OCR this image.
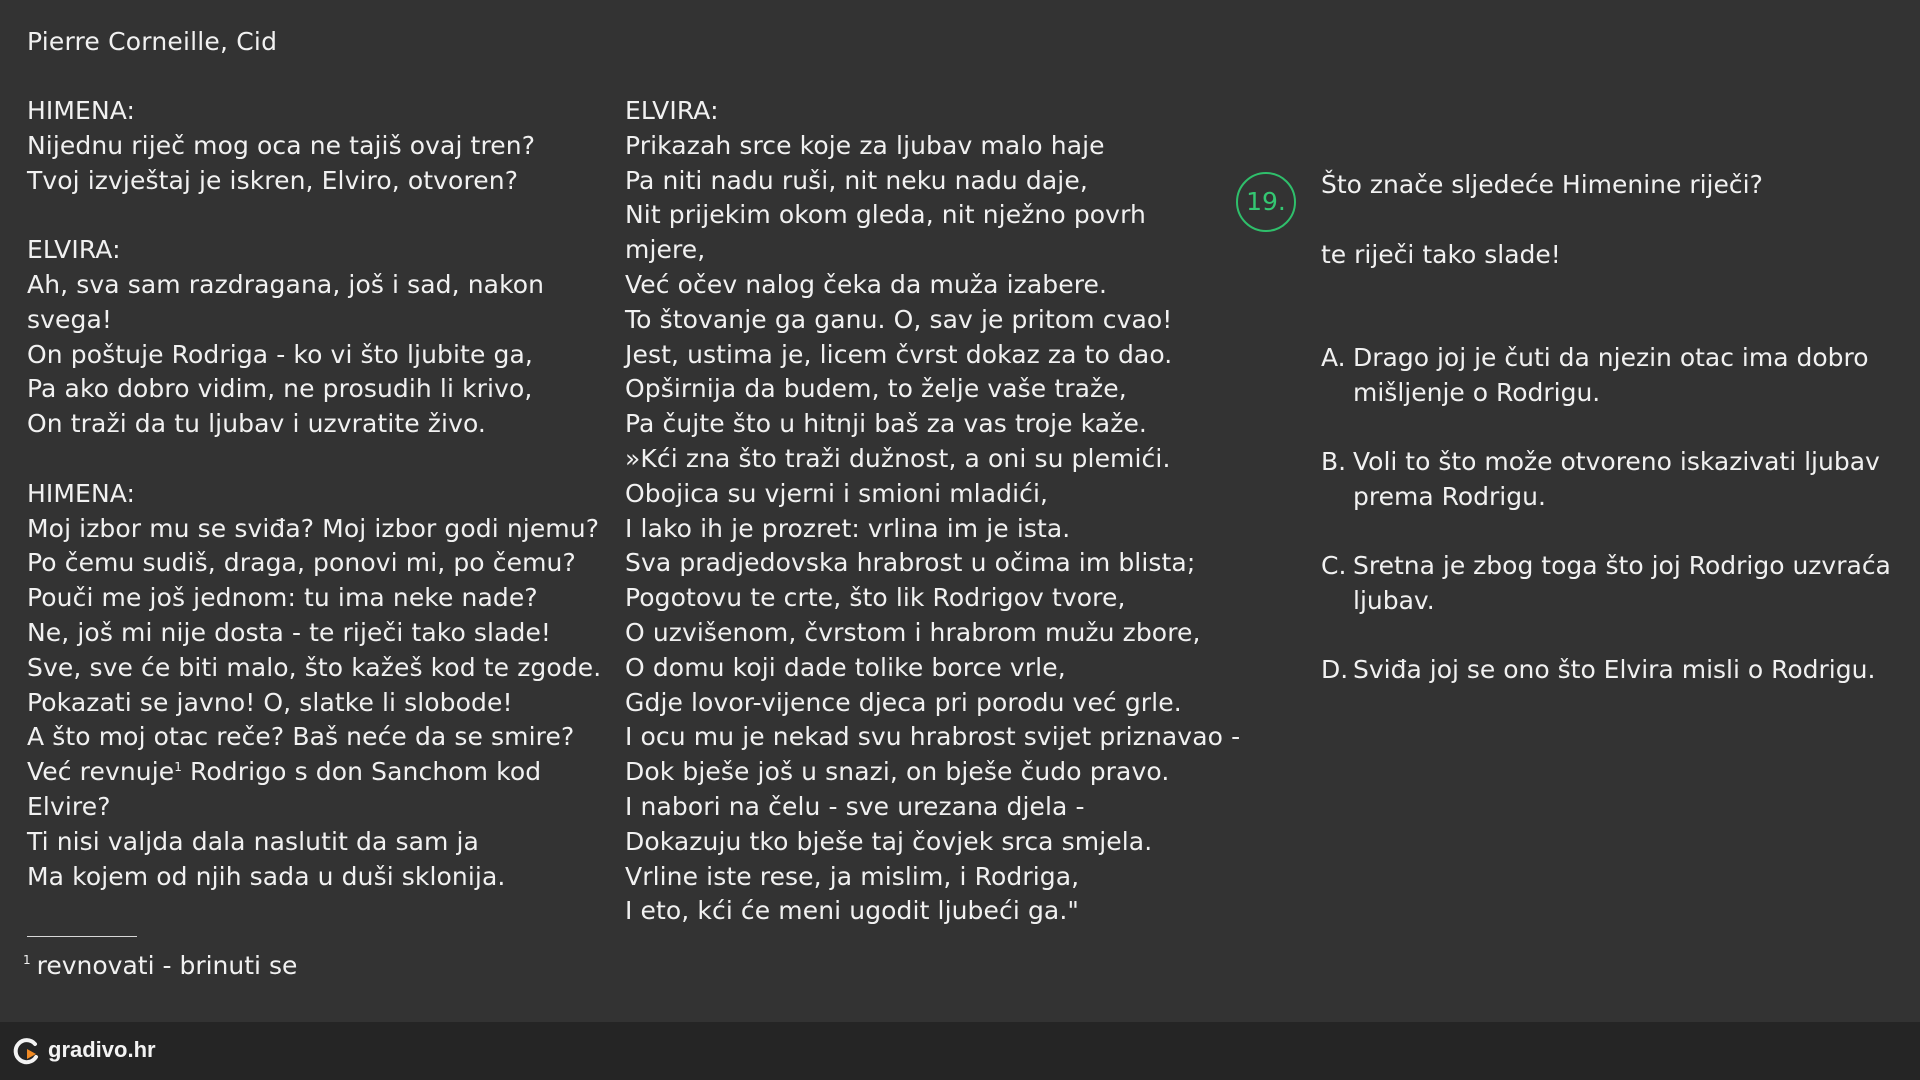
Pierre Corneille, Cid
HIMENA:
Nijednu riječ mog oca ne tajiš ovaj tren?
Tvoj izvještaj je iskren, Elviro, otvoren?
ELVIRA:
Ah, sva sam razdragana, još i sad, nakon
svega!
On poštuje Rodriga - ko vi što ljubite ga,
Pa ako dobro vidim, ne prosudih li krivo,
On traži da tu ljubav i uzvratite živo.
HIMENA:
Moj izbor mu se sviđa? Moj izbor godi njemu?
Po čemu sudiš, draga, ponovi mi, po čemu?
Pouči me još jednom: tu ima neke nade?
Ne, još mi nije dosta - te riječi tako slade!
Sve, sve će biti malo, što kažeš kod te zgode.
Pokazati se javno! O, slatke li slobode!
A što moj otac reče? Baš neće da se smire?
Već revnuje$^1$ Rodrigo s don Sanchom kod
Elvire?
Ti nisi valjda dala naslutit da sam ja
Ma kojem od njih sada u duši sklonija.
ELVIRA:
Prikazah srce koje za ljubav malo haje
Pa niti nadu ruši, nit neku nadu daje,
Nit prijekim okom gleda, nit nježno povrh
mjere,
Već očev nalog čeka da muža izabere.
To štovanje ga ganu. O, sav je pritom cvao!
Jest, ustima je, licem čvrst dokaz za to dao.
Opširnija da budem, to želje vaše traže,
Pa čujte što u hitnji baš za vas troje kaže.
»Kći zna što traži dužnost, a oni su plemići.
Obojica su vjerni i smioni mladići,
I lako ih je prozret: vrlina im je ista.
Sva pradjedovska hrabrost u očima im blista;
Pogotovu te crte, što lik Rodrigov tvore,
O uzvišenom, čvrstom i hrabrom mužu zbore,
O domu koji dade tolike borce vrle,
Gdje lovor-vijence djeca pri porodu već grle.
I ocu mu je nekad svu hrabrost svijet priznavao -
Dok bješe još u snazi, on bješe čudo pravo.
I nabori na čelu - sve urezana djela -
Dokazuju tko bješe taj čovjek srca smjela.
Vrline iste rese, ja mislim, i Rodriga,
I eto, kći će meni ugodit ljubeći ga."
$^1$ revnovati - brinuti se
19.
Što znače sljedeće Himenine riječi?
te riječi tako slade!
A. Drago joj je čuti da njezin otac ima dobro mišljenje o Rodrigu.
B. Voli to što može otvoreno iskazivati ljubav prema Rodrigu.
C. Sretna je zbog toga što joj Rodrigo uzvraća ljubav.
D. Sviđa joj se ono što Elvira misli o Rodrigu.
gradivo.hr
